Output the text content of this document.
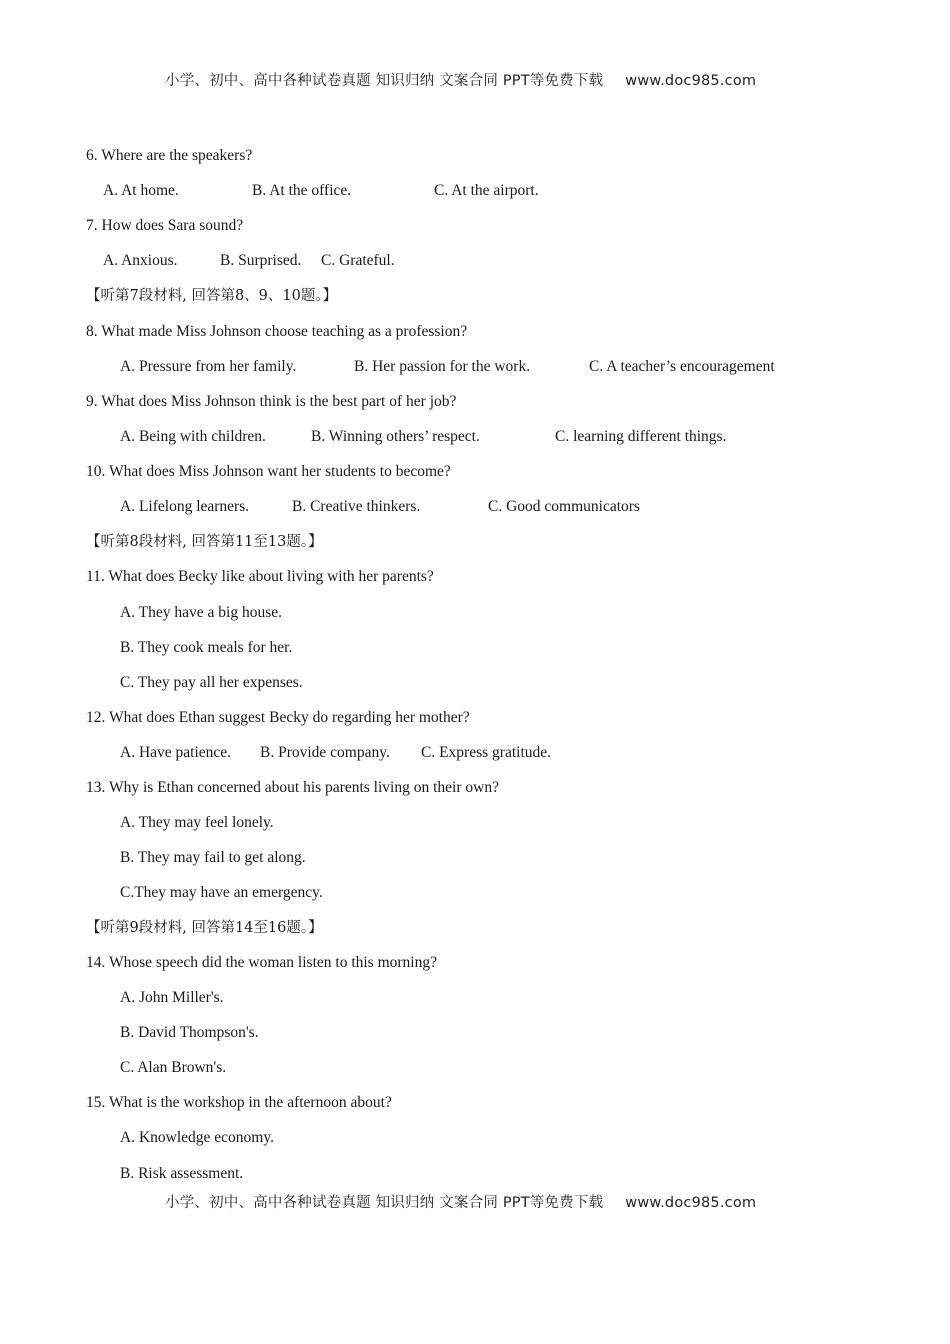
小学、初中、高中各种试卷真题 知识归纳 文案合同 PPT等免费下载 www.doc985.com
6. Where are the speakers?
A. At home.	B. At the office.	C. At the airport.
7. How does Sara sound?
A. Anxious.	B. Surprised. C. Grateful.
【听第7段材料, 回答第8、9、10题。】
8. What made Miss Johnson choose teaching as a profession?
A. Pressure from her family.	B. Her passion for the work.	C. A teacher’s encouragement
9. What does Miss Johnson think is the best part of her job?
A. Being with children.	B. Winning others’ respect.	C. learning different things.
10. What does Miss Johnson want her students to become?
A. Lifelong learners.	B. Creative thinkers.	C. Good communicators
【听第8段材料, 回答第11至13题。】
11. What does Becky like about living with her parents?
A. They have a big house.
B. They cook meals for her.
C. They pay all her expenses.
12. What does Ethan suggest Becky do regarding her mother?
A. Have patience. B. Provide company. C. Express gratitude.
13. Why is Ethan concerned about his parents living on their own?
A. They may feel lonely.
B. They may fail to get along.
C.They may have an emergency.
【听第9段材料, 回答第14至16题。】
14. Whose speech did the woman listen to this morning?
A. John Miller's.
B. David Thompson's.
C. Alan Brown's.
15. What is the workshop in the afternoon about?
A. Knowledge economy.
B. Risk assessment.
小学、初中、高中各种试卷真题 知识归纳 文案合同 PPT等免费下载 www.doc985.com
